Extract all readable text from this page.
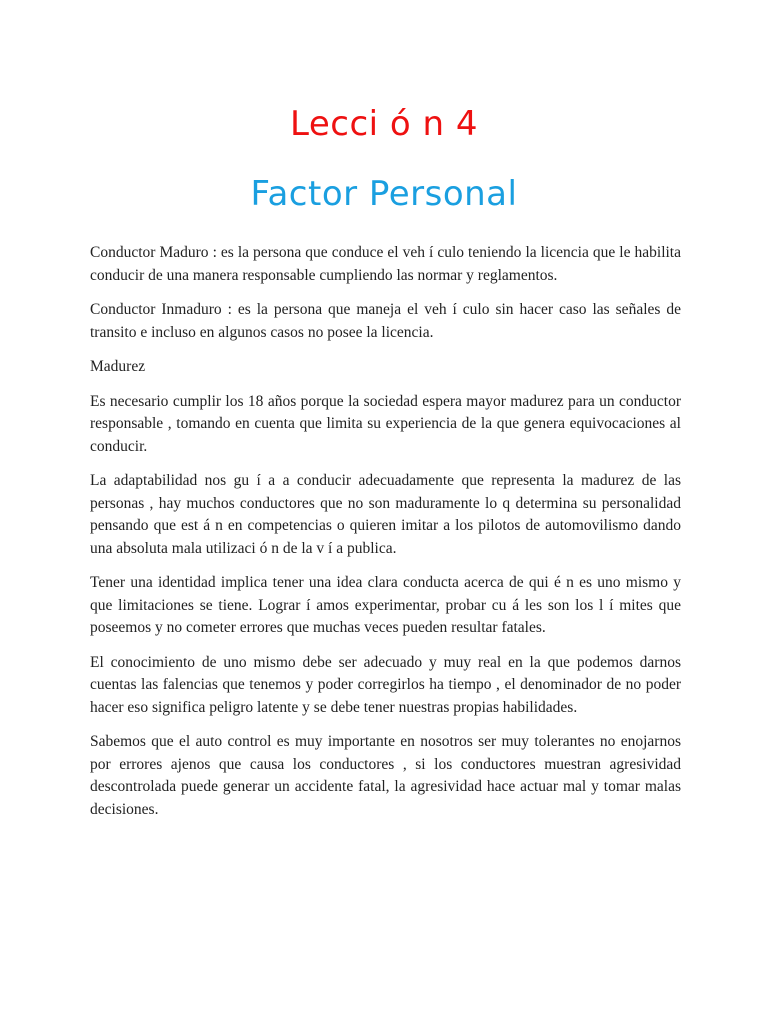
Lecci ó n 4
Factor Personal

Conductor Maduro : es la persona que conduce el veh í culo teniendo la licencia que le habilita conducir de una manera responsable cumpliendo las normar y reglamentos.

Conductor Inmaduro : es la persona que maneja el veh í culo sin hacer caso las señales de transito e incluso en algunos casos no posee la licencia.

Madurez

Es necesario cumplir los 18 años porque la sociedad espera mayor madurez para un conductor responsable , tomando en cuenta que limita su experiencia de la que genera equivocaciones al conducir.

La adaptabilidad nos gu í a a conducir adecuadamente que representa la madurez de las personas , hay muchos conductores que no son maduramente lo q determina su personalidad pensando que est á n en competencias o quieren imitar a los pilotos de automovilismo dando una absoluta mala utilizaci ó n de la v í a publica.

Tener una identidad implica tener una idea clara conducta acerca de qui é n es uno mismo y que limitaciones se tiene. Lograr í amos experimentar, probar cu á les son los l í mites que poseemos y no cometer errores que muchas veces pueden resultar fatales.

El conocimiento de uno mismo debe ser adecuado y muy real en la que podemos darnos cuentas las falencias que tenemos y poder corregirlos ha tiempo , el denominador de no poder hacer eso significa peligro latente y se debe tener nuestras propias habilidades.

Sabemos que el auto control es muy importante en nosotros ser muy tolerantes no enojarnos por errores ajenos que causa los conductores , si los conductores muestran agresividad descontrolada puede generar un accidente fatal, la agresividad hace actuar mal y tomar malas decisiones.
